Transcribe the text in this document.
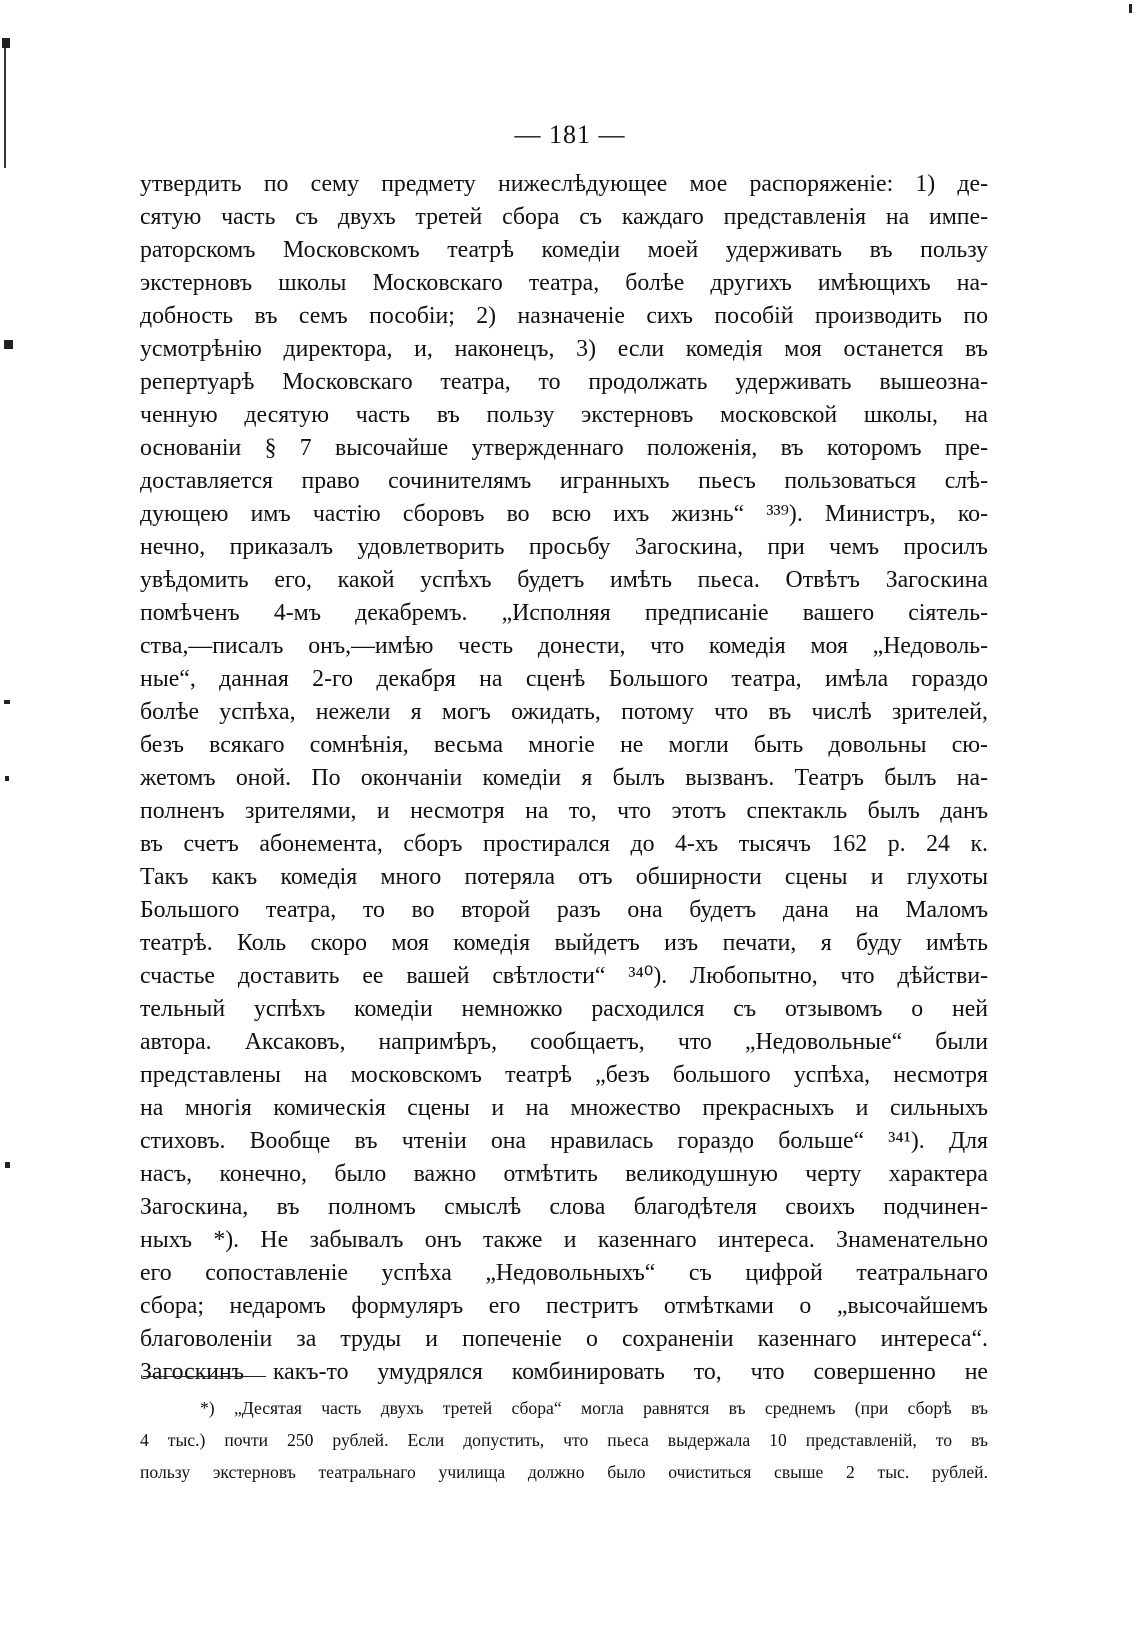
— 181 —
утвердить по сему предмету нижеслѣдующее мое распоряженіе: 1) де-
сятую часть съ двухъ третей сбора съ каждаго представленія на импе-
раторскомъ Московскомъ театрѣ комедіи моей удерживать въ пользу
экстерновъ школы Московскаго театра, болѣе другихъ имѣющихъ на-
добность въ семъ пособіи; 2) назначеніе сихъ пособій производить по
усмотрѣнію директора, и, наконецъ, 3) если комедія моя останется въ
репертуарѣ Московскаго театра, то продолжать удерживать вышеозна-
ченную десятую часть въ пользу экстерновъ московской школы, на
основаніи § 7 высочайше утвержденнаго положенія, въ которомъ пре-
доставляется право сочинителямъ игранныхъ пьесъ пользоваться слѣ-
дующею имъ частію сборовъ во всю ихъ жизнь“ ³³⁹). Министръ, ко-
нечно, приказалъ удовлетворить просьбу Загоскина, при чемъ просилъ
увѣдомить его, какой успѣхъ будетъ имѣть пьеса. Отвѣтъ Загоскина
помѣченъ 4-мъ декабремъ. „Исполняя предписаніе вашего сіятель-
ства,—писалъ онъ,—имѣю честь донести, что комедія моя „Недоволь-
ные“, данная 2-го декабря на сценѣ Большого театра, имѣла гораздо
болѣе успѣха, нежели я могъ ожидать, потому что въ числѣ зрителей,
безъ всякаго сомнѣнія, весьма многіе не могли быть довольны сю-
жетомъ оной. По окончаніи комедіи я былъ вызванъ. Театръ былъ на-
полненъ зрителями, и несмотря на то, что этотъ спектакль былъ данъ
въ счетъ абонемента, сборъ простирался до 4-хъ тысячъ 162 р. 24 к.
Такъ какъ комедія много потеряла отъ обширности сцены и глухоты
Большого театра, то во второй разъ она будетъ дана на Маломъ
театрѣ. Коль скоро моя комедія выйдетъ изъ печати, я буду имѣть
счастье доставить ее вашей свѣтлости“ ³⁴⁰). Любопытно, что дѣйстви-
тельный успѣхъ комедіи немножко расходился съ отзывомъ о ней
автора. Аксаковъ, напримѣръ, сообщаетъ, что „Недовольные“ были
представлены на московскомъ театрѣ „безъ большого успѣха, несмотря
на многія комическія сцены и на множество прекрасныхъ и сильныхъ
стиховъ. Вообще въ чтеніи она нравилась гораздо больше“ ³⁴¹). Для
насъ, конечно, было важно отмѣтить великодушную черту характера
Загоскина, въ полномъ смыслѣ слова благодѣтеля своихъ подчинен-
ныхъ *). Не забывалъ онъ также и казеннаго интереса. Знаменательно
его сопоставленіе успѣха „Недовольныхъ“ съ цифрой театральнаго
сбора; недаромъ формуляръ его пестритъ отмѣтками о „высочайшемъ
благоволеніи за труды и попеченіе о сохраненіи казеннаго интереса“.
Загоскинъ какъ-то умудрялся комбинировать то, что совершенно не
*) „Десятая часть двухъ третей сбора“ могла равнятся въ среднемъ (при сборѣ въ
4 тыс.) почти 250 рублей. Если допустить, что пьеса выдержала 10 представленій, то въ
пользу экстерновъ театральнаго училища должно было очиститься свыше 2 тыс. рублей.
